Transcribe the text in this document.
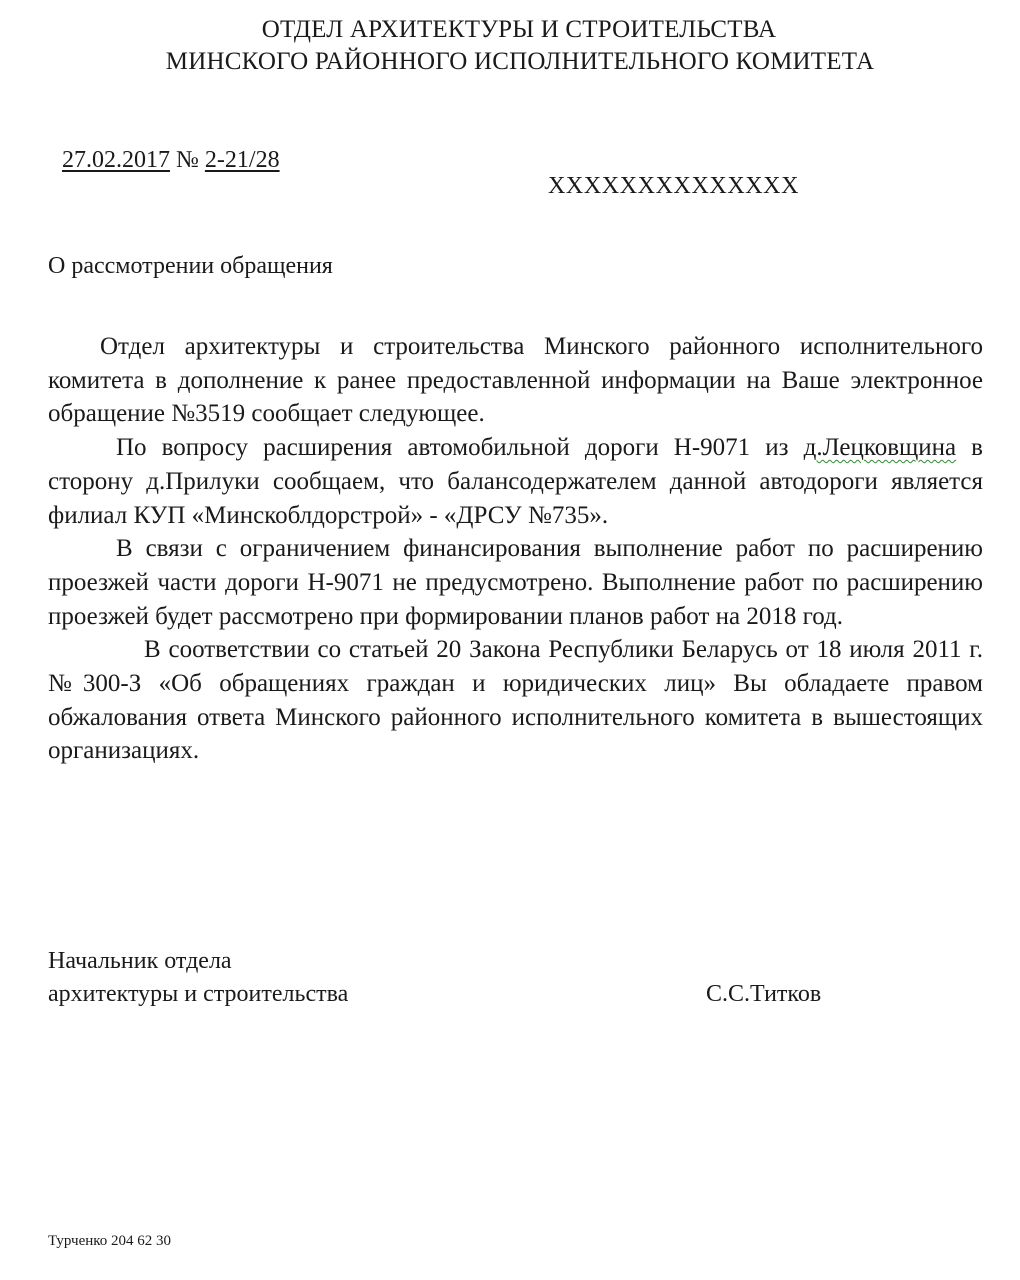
ОТДЕЛ АРХИТЕКТУРЫ И СТРОИТЕЛЬСТВА
МИНСКОГО РАЙОННОГО ИСПОЛНИТЕЛЬНОГО КОМИТЕТА
27.02.2017 № 2-21/28
ХХХХХХХХХХХХХХ
О рассмотрении обращения

Отдел архитектуры и строительства Минского районного исполнительного комитета в дополнение к ранее предоставленной информации на Ваше электронное обращение №3519 сообщает следующее.

По вопросу расширения автомобильной дороги Н-9071 из д.Лецковщина в сторону д.Прилуки сообщаем, что балансодержателем данной автодороги является филиал КУП «Минскоблдорстрой» - «ДРСУ №735».

В связи с ограничением финансирования выполнение работ по расширению проезжей части дороги Н-9071 не предусмотрено. Выполнение работ по расширению проезжей будет рассмотрено при формировании планов работ на 2018 год.

В соответствии со статьей 20 Закона Республики Беларусь от 18 июля 2011 г. №300-З «Об обращениях граждан и юридических лиц» Вы обладаете правом обжалования ответа Минского районного исполнительного комитета в вышестоящих организациях.

Начальник отдела
архитектуры и строительства	С.С.Титков
Турченко 204 62 30
